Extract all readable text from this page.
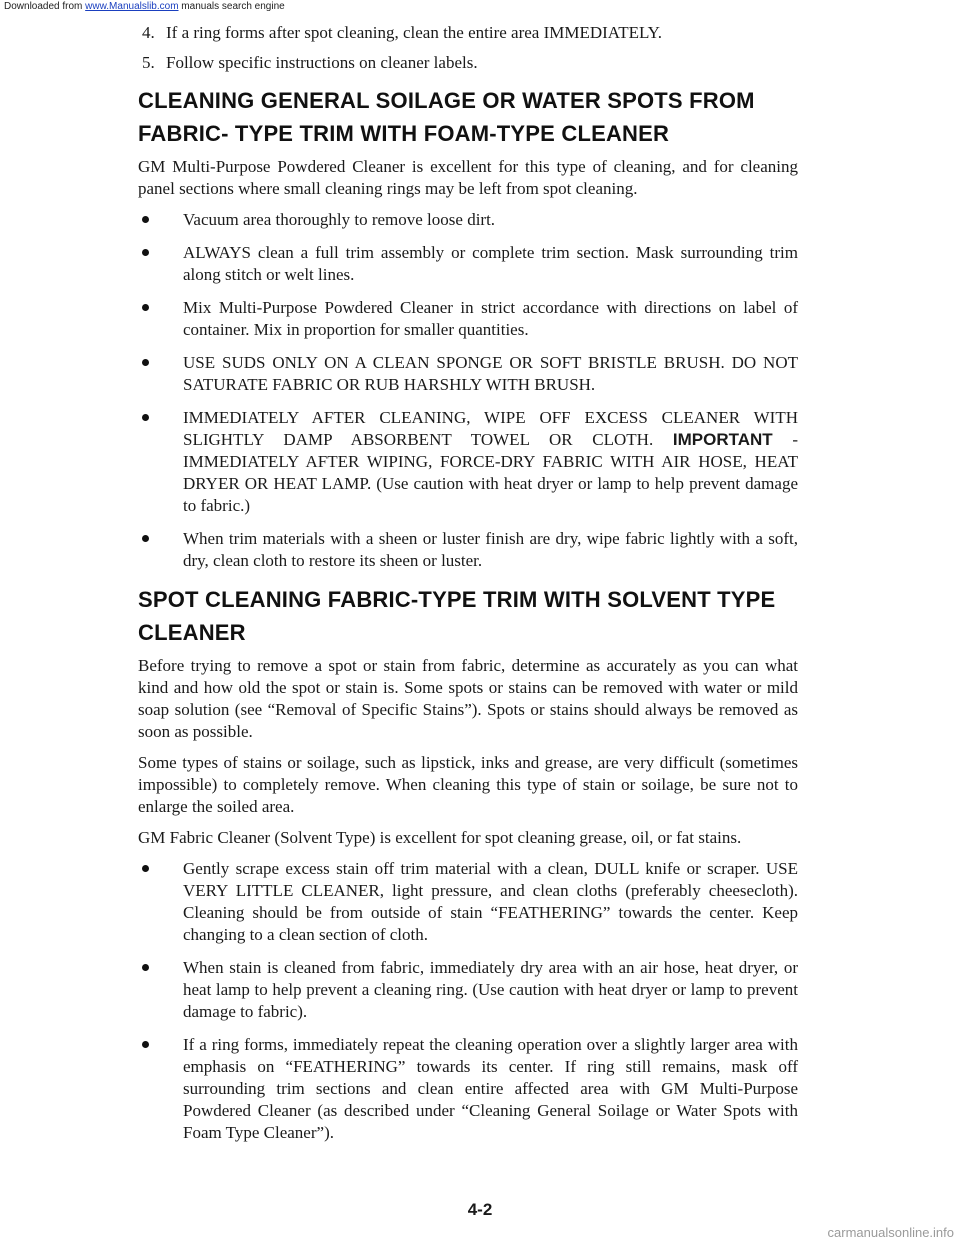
Downloaded from www.Manualslib.com manuals search engine
4. If a ring forms after spot cleaning, clean the entire area IMMEDIATELY.
5. Follow specific instructions on cleaner labels.
CLEANING GENERAL SOILAGE OR WATER SPOTS FROM FABRIC- TYPE TRIM WITH FOAM-TYPE CLEANER

GM Multi-Purpose Powdered Cleaner is excellent for this type of cleaning, and for cleaning panel sections where small cleaning rings may be left from spot cleaning.

Vacuum area thoroughly to remove loose dirt.
ALWAYS clean a full trim assembly or complete trim section. Mask surrounding trim along stitch or welt lines.
Mix Multi-Purpose Powdered Cleaner in strict accordance with directions on label of container. Mix in proportion for smaller quantities.
USE SUDS ONLY ON A CLEAN SPONGE OR SOFT BRISTLE BRUSH. DO NOT SATURATE FABRIC OR RUB HARSHLY WITH BRUSH.
IMMEDIATELY AFTER CLEANING, WIPE OFF EXCESS CLEANER WITH SLIGHTLY DAMP ABSORBENT TOWEL OR CLOTH. IMPORTANT - IMMEDIATELY AFTER WIPING, FORCE-DRY FABRIC WITH AIR HOSE, HEAT DRYER OR HEAT LAMP. (Use caution with heat dryer or lamp to help prevent damage to fabric.)
When trim materials with a sheen or luster finish are dry, wipe fabric lightly with a soft, dry, clean cloth to restore its sheen or luster.
SPOT CLEANING FABRIC-TYPE TRIM WITH SOLVENT TYPE CLEANER

Before trying to remove a spot or stain from fabric, determine as accurately as you can what kind and how old the spot or stain is. Some spots or stains can be removed with water or mild soap solution (see “Removal of Specific Stains”). Spots or stains should always be removed as soon as possible.

Some types of stains or soilage, such as lipstick, inks and grease, are very difficult (sometimes impossible) to completely remove. When cleaning this type of stain or soilage, be sure not to enlarge the soiled area.

GM Fabric Cleaner (Solvent Type) is excellent for spot cleaning grease, oil, or fat stains.

Gently scrape excess stain off trim material with a clean, DULL knife or scraper. USE VERY LITTLE CLEANER, light pressure, and clean cloths (preferably cheesecloth). Cleaning should be from outside of stain “FEATHERING” towards the center. Keep changing to a clean section of cloth.
When stain is cleaned from fabric, immediately dry area with an air hose, heat dryer, or heat lamp to help prevent a cleaning ring. (Use caution with heat dryer or lamp to prevent damage to fabric).
If a ring forms, immediately repeat the cleaning operation over a slightly larger area with emphasis on “FEATHERING” towards its center. If ring still remains, mask off surrounding trim sections and clean entire affected area with GM Multi-Purpose Powdered Cleaner (as described under “Cleaning General Soilage or Water Spots with Foam Type Cleaner”).
4-2
carmanualsonline.info
